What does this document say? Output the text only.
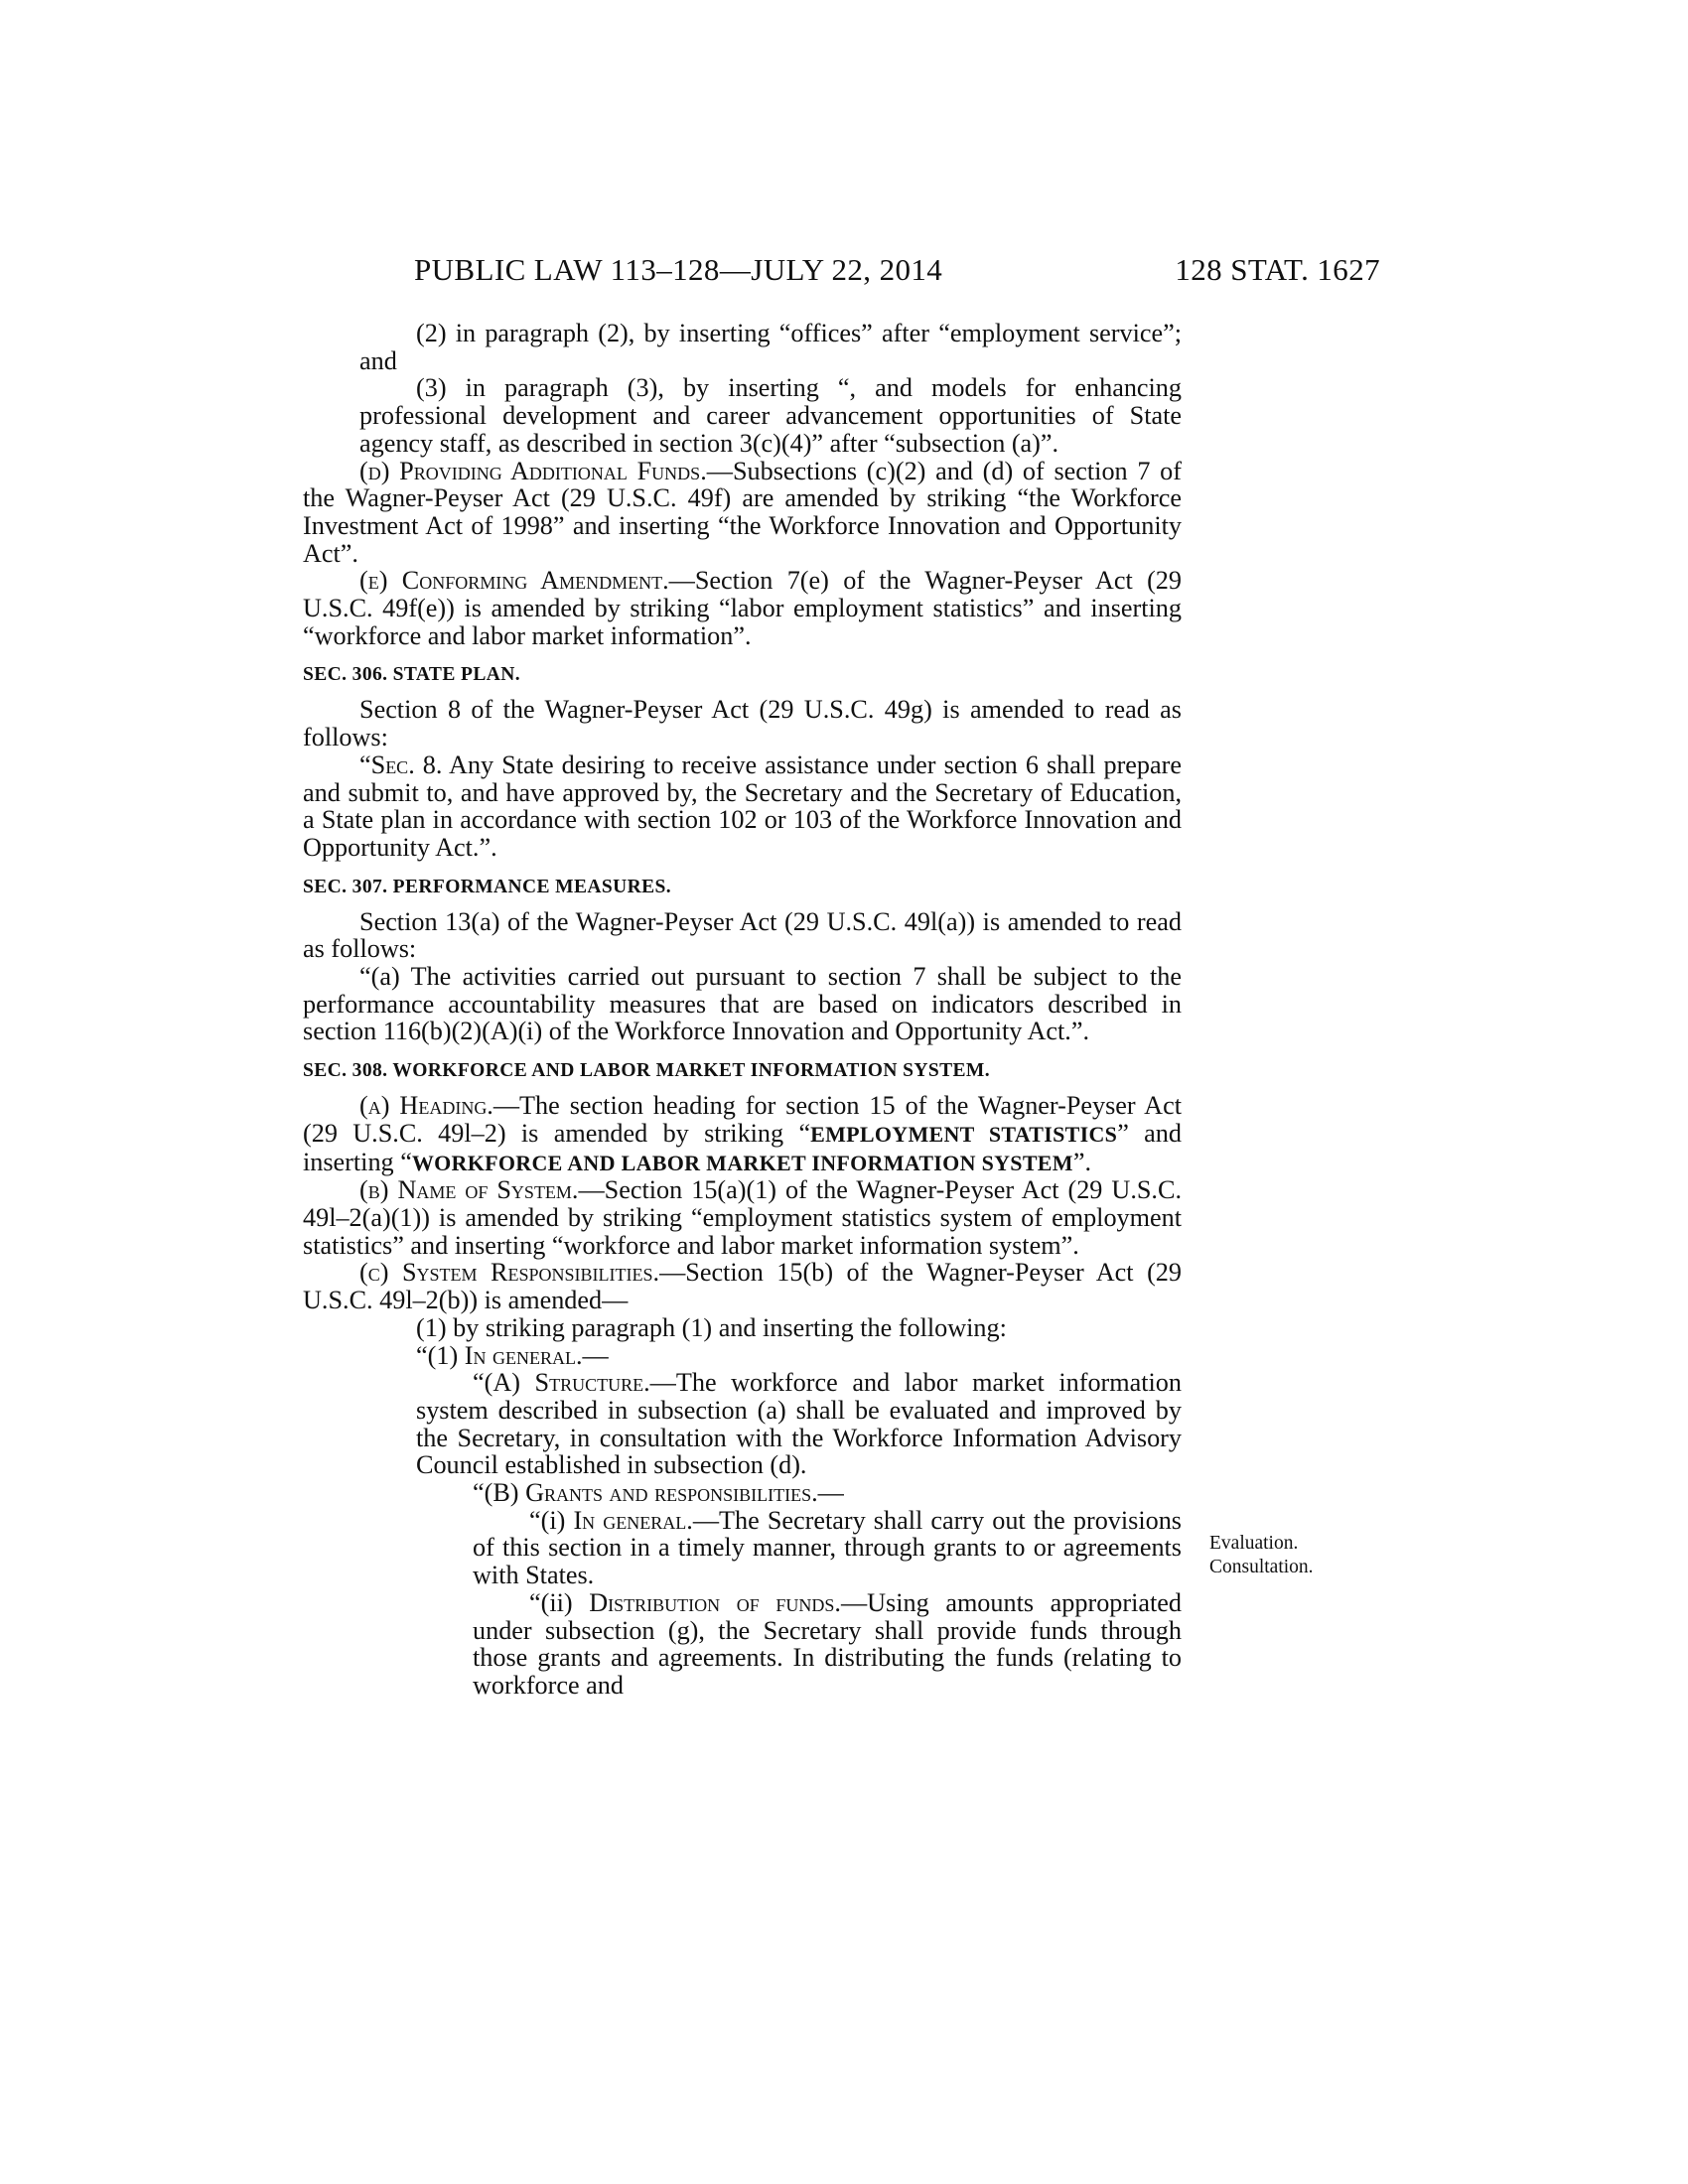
PUBLIC LAW 113–128—JULY 22, 2014	128 STAT. 1627

(2) in paragraph (2), by inserting “offices” after “employment service”; and

(3) in paragraph (3), by inserting “, and models for enhancing professional development and career advancement opportunities of State agency staff, as described in section 3(c)(4)” after “subsection (a)”.

(d) Providing Additional Funds.—Subsections (c)(2) and (d) of section 7 of the Wagner-Peyser Act (29 U.S.C. 49f) are amended by striking “the Workforce Investment Act of 1998” and inserting “the Workforce Innovation and Opportunity Act”.

(e) Conforming Amendment.—Section 7(e) of the Wagner-Peyser Act (29 U.S.C. 49f(e)) is amended by striking “labor employment statistics” and inserting “workforce and labor market information”.

SEC. 306. STATE PLAN.

Section 8 of the Wagner-Peyser Act (29 U.S.C. 49g) is amended to read as follows:

“Sec. 8. Any State desiring to receive assistance under section 6 shall prepare and submit to, and have approved by, the Secretary and the Secretary of Education, a State plan in accordance with section 102 or 103 of the Workforce Innovation and Opportunity Act.”.

SEC. 307. PERFORMANCE MEASURES.

Section 13(a) of the Wagner-Peyser Act (29 U.S.C. 49l(a)) is amended to read as follows:

“(a) The activities carried out pursuant to section 7 shall be subject to the performance accountability measures that are based on indicators described in section 116(b)(2)(A)(i) of the Workforce Innovation and Opportunity Act.”.

SEC. 308. WORKFORCE AND LABOR MARKET INFORMATION SYSTEM.

(a) Heading.—The section heading for section 15 of the Wagner-Peyser Act (29 U.S.C. 49l–2) is amended by striking “EMPLOYMENT STATISTICS” and inserting “WORKFORCE AND LABOR MARKET INFORMATION SYSTEM”.

(b) Name of System.—Section 15(a)(1) of the Wagner-Peyser Act (29 U.S.C. 49l–2(a)(1)) is amended by striking “employment statistics system of employment statistics” and inserting “workforce and labor market information system”.

(c) System Responsibilities.—Section 15(b) of the Wagner-Peyser Act (29 U.S.C. 49l–2(b)) is amended—

(1) by striking paragraph (1) and inserting the following:

“(1) In general.—

“(A) Structure.—The workforce and labor market information system described in subsection (a) shall be evaluated and improved by the Secretary, in consultation with the Workforce Information Advisory Council established in subsection (d).

“(B) Grants and responsibilities.—

“(i) In general.—The Secretary shall carry out the provisions of this section in a timely manner, through grants to or agreements with States.

“(ii) Distribution of funds.—Using amounts appropriated under subsection (g), the Secretary shall provide funds through those grants and agreements. In distributing the funds (relating to workforce and

Evaluation.
Consultation.
